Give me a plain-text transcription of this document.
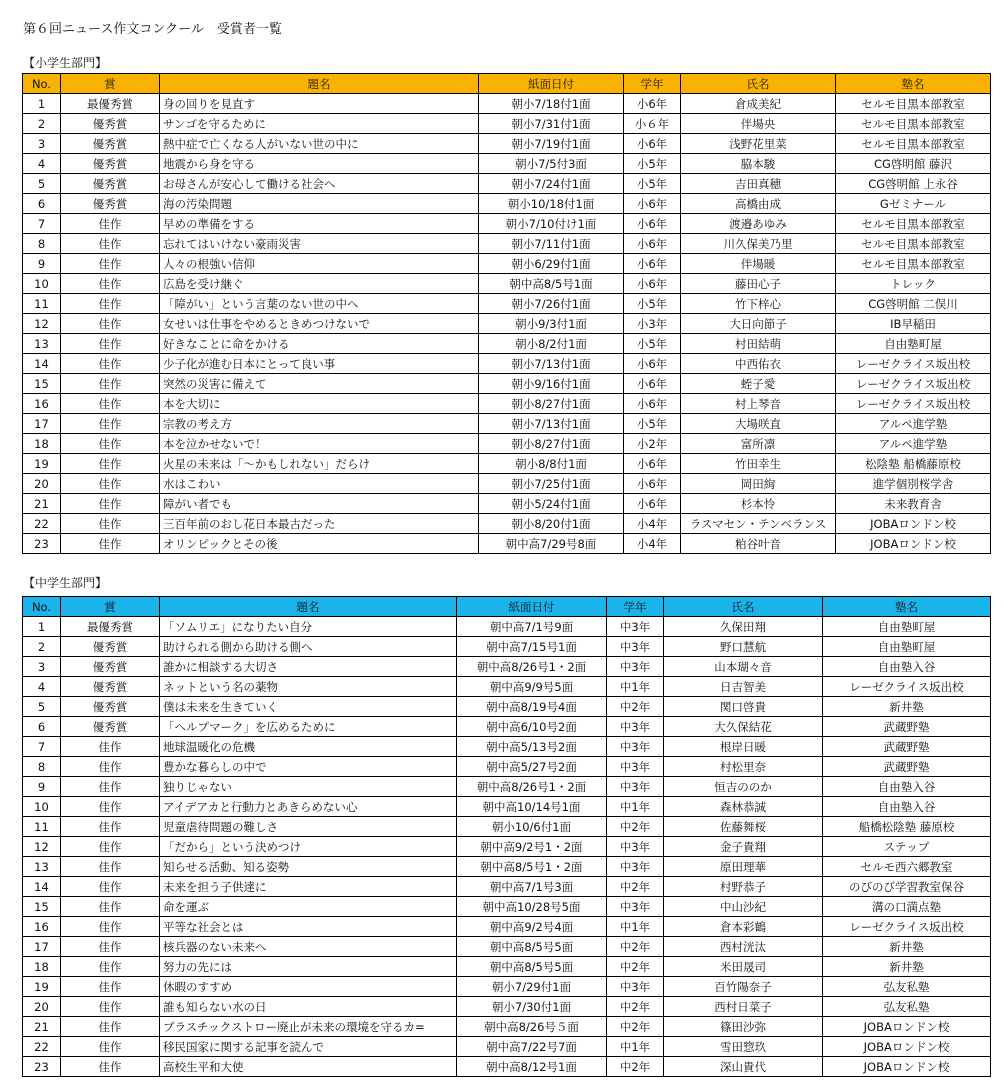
第６回ニュース作文コンクール　受賞者一覧
【小学生部門】
No.	賞	題名	紙面日付	学年	氏名	塾名
1	最優秀賞	身の回りを見直す	朝小7/18付1面	小6年	倉成美紀	セルモ目黒本部教室
2	優秀賞	サンゴを守るために	朝小7/31付1面	小６年	伴場央	セルモ目黒本部教室
3	優秀賞	熱中症で亡くなる人がいない世の中に	朝小7/19付1面	小6年	浅野花里菜	セルモ目黒本部教室
4	優秀賞	地震から身を守る	朝小7/5付3面	小5年	脇本駿	CG啓明館 藤沢
5	優秀賞	お母さんが安心して働ける社会へ	朝小7/24付1面	小5年	吉田真穂	CG啓明館 上永谷
6	優秀賞	海の汚染問題	朝小10/18付1面	小6年	高橋由成	Gゼミナール
7	佳作	早めの準備をする	朝小7/10付け1面	小6年	渡邉あゆみ	セルモ目黒本部教室
8	佳作	忘れてはいけない豪雨災害	朝小7/11付1面	小6年	川久保美乃里	セルモ目黒本部教室
9	佳作	人々の根強い信仰	朝小6/29付1面	小6年	伴場暖	セルモ目黒本部教室
10	佳作	広島を受け継ぐ	朝中高8/5号1面	小6年	藤田心子	トレック
11	佳作	「障がい」という言葉のない世の中へ	朝小7/26付1面	小5年	竹下梓心	CG啓明館 二俣川
12	佳作	女せいは仕事をやめるときめつけないで	朝小9/3付1面	小3年	大日向節子	IB早稲田
13	佳作	好きなことに命をかける	朝小8/2付1面	小5年	村田結萌	自由塾町屋
14	佳作	少子化が進む日本にとって良い事	朝小7/13付1面	小6年	中西佑衣	レーゼクライス坂出校
15	佳作	突然の災害に備えて	朝小9/16付1面	小6年	蛭子愛	レーゼクライス坂出校
16	佳作	本を大切に	朝小8/27付1面	小6年	村上琴音	レーゼクライス坂出校
17	佳作	宗教の考え方	朝小7/13付1面	小5年	大場咲直	アルペ進学塾
18	佳作	本を泣かせないで！	朝小8/27付1面	小2年	富所凛	アルペ進学塾
19	佳作	火星の未来は「～かもしれない」だらけ	朝小8/8付1面	小6年	竹田幸生	松陰塾 船橋藤原校
20	佳作	水はこわい	朝小7/25付1面	小6年	岡田絢	進学個別桜学舎
21	佳作	障がい者でも	朝小5/24付1面	小6年	杉本怜	未来教育舎
22	佳作	三百年前のおし花日本最古だった	朝小8/20付1面	小4年	ラスマセン・テンベランス	JOBAロンドン校
23	佳作	オリンピックとその後	朝中高7/29号8面	小4年	粕谷叶音	JOBAロンドン校
【中学生部門】
No.	賞	題名	紙面日付	学年	氏名	塾名
1	最優秀賞	「ソムリエ」になりたい自分	朝中高7/1号9面	中3年	久保田翔	自由塾町屋
2	優秀賞	助けられる側から助ける側へ	朝中高7/15号1面	中3年	野口慧航	自由塾町屋
3	優秀賞	誰かに相談する大切さ	朝中高8/26号1・2面	中3年	山本瑚々音	自由塾入谷
4	優秀賞	ネットという名の薬物	朝中高9/9号5面	中1年	日吉智美	レーゼクライス坂出校
5	優秀賞	僕は未来を生きていく	朝中高8/19号4面	中2年	関口啓貴	新井塾
6	優秀賞	「ヘルプマーク」を広めるために	朝中高6/10号2面	中3年	大久保結花	武蔵野塾
7	佳作	地球温暖化の危機	朝中高5/13号2面	中3年	根岸日暖	武蔵野塾
8	佳作	豊かな暮らしの中で	朝中高5/27号2面	中3年	村松里奈	武蔵野塾
9	佳作	独りじゃない	朝中高8/26号1・2面	中3年	恒吉ののか	自由塾入谷
10	佳作	アイデアカと行動力とあきらめない心	朝中高10/14号1面	中1年	森林恭誠	自由塾入谷
11	佳作	児童虐待問題の難しさ	朝小10/6付1面	中2年	佐藤舞桜	船橋松陰塾 藤原校
12	佳作	「だから」という決めつけ	朝中高9/2号1・2面	中3年	金子貴翔	ステップ
13	佳作	知らせる活動、知る姿勢	朝中高8/5号1・2面	中3年	原田理華	セルモ西六郷教室
14	佳作	未来を担う子供達に	朝中高7/1号3面	中2年	村野恭子	のびのび学習教室保谷
15	佳作	命を運ぶ	朝中高10/28号5面	中3年	中山沙紀	溝の口満点塾
16	佳作	平等な社会とは	朝中高9/2号4面	中1年	倉本彩鶴	レーゼクライス坂出校
17	佳作	核兵器のない未来へ	朝中高8/5号5面	中2年	西村洸汰	新井塾
18	佳作	努力の先には	朝中高8/5号5面	中2年	米田晟司	新井塾
19	佳作	休暇のすすめ	朝小7/29付1面	中3年	百竹陽奈子	弘友私塾
20	佳作	誰も知らない水の日	朝小7/30付1面	中2年	西村日菜子	弘友私塾
21	佳作	プラスチックストロー廃止が未来の環境を守るカ=	朝中高8/26号５面	中2年	篠田沙弥	JOBAロンドン校
22	佳作	移民国家に関する記事を読んで	朝中高7/22号7面	中1年	雪田惣玖	JOBAロンドン校
23	佳作	高校生平和大使	朝中高8/12号1面	中2年	深山貴代	JOBAロンドン校
